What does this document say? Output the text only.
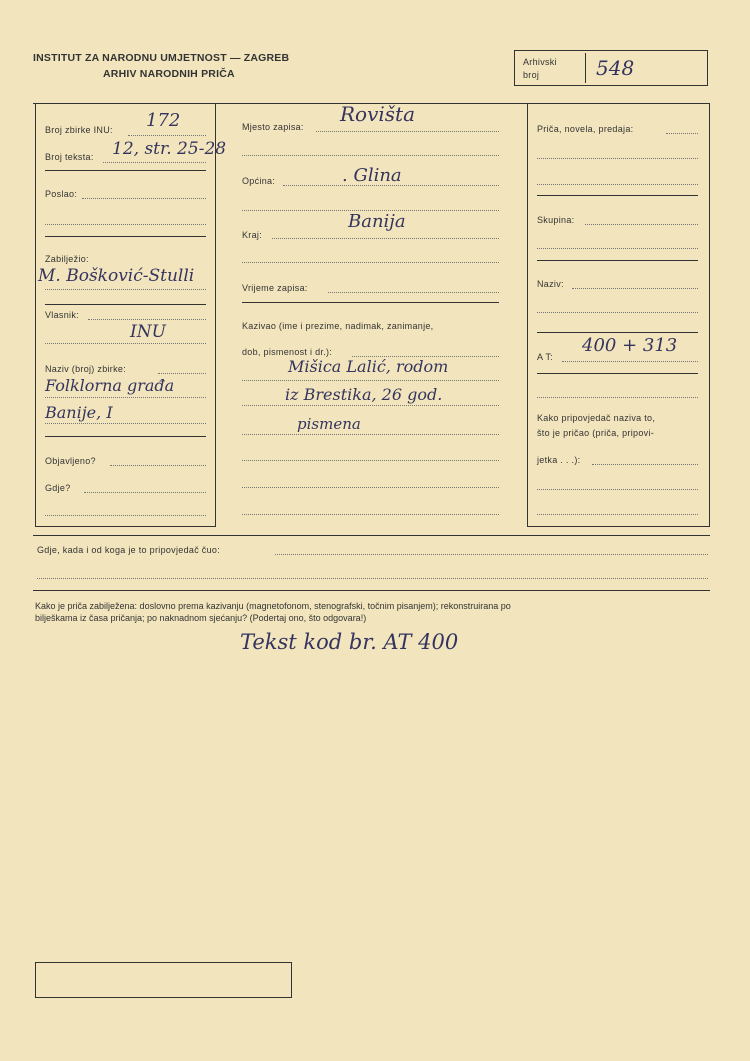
INSTITUT ZA NARODNU UMJETNOST — ZAGREB
ARHIV NARODNIH PRIČA
Arhivski
broj	548
Broj zbirke INU: 172
Broj teksta: 12, str. 25-28
Poslao:
Zabilježio:
M. Bošković-Stulli
Vlasnik:
INU
Naziv (broj) zbirke:
Folklorna građa
Banije, I
Objavljeno?
Gdje?
Mjesto zapisa:
Rovišta
Općina:	. Glina
Kraj:
Banija
Vrijeme zapisa:
Kazivao (ime i prezime, nadimak, zanimanje,
dob, pismenost i dr.):
Mišica Lalić, rodom
iz Brestika, 26 god.
pismena
Priča, novela, predaja:
Skupina:
Naziv:
A T:
400 + 313
Kako pripovjedač naziva to,
što je pričao (priča, pripovi-
jetka . . .):
Gdje, kada i od koga je to pripovjedač čuo:
Kako je priča zabilježena: doslovno prema kazivanju (magnetofonom, stenografski, točnim pisanjem); rekonstruirana po
bilješkama iz časa pričanja; po naknadnom sjećanju? (Podertaj ono, što odgovara!)
Tekst kod br. AT 400
